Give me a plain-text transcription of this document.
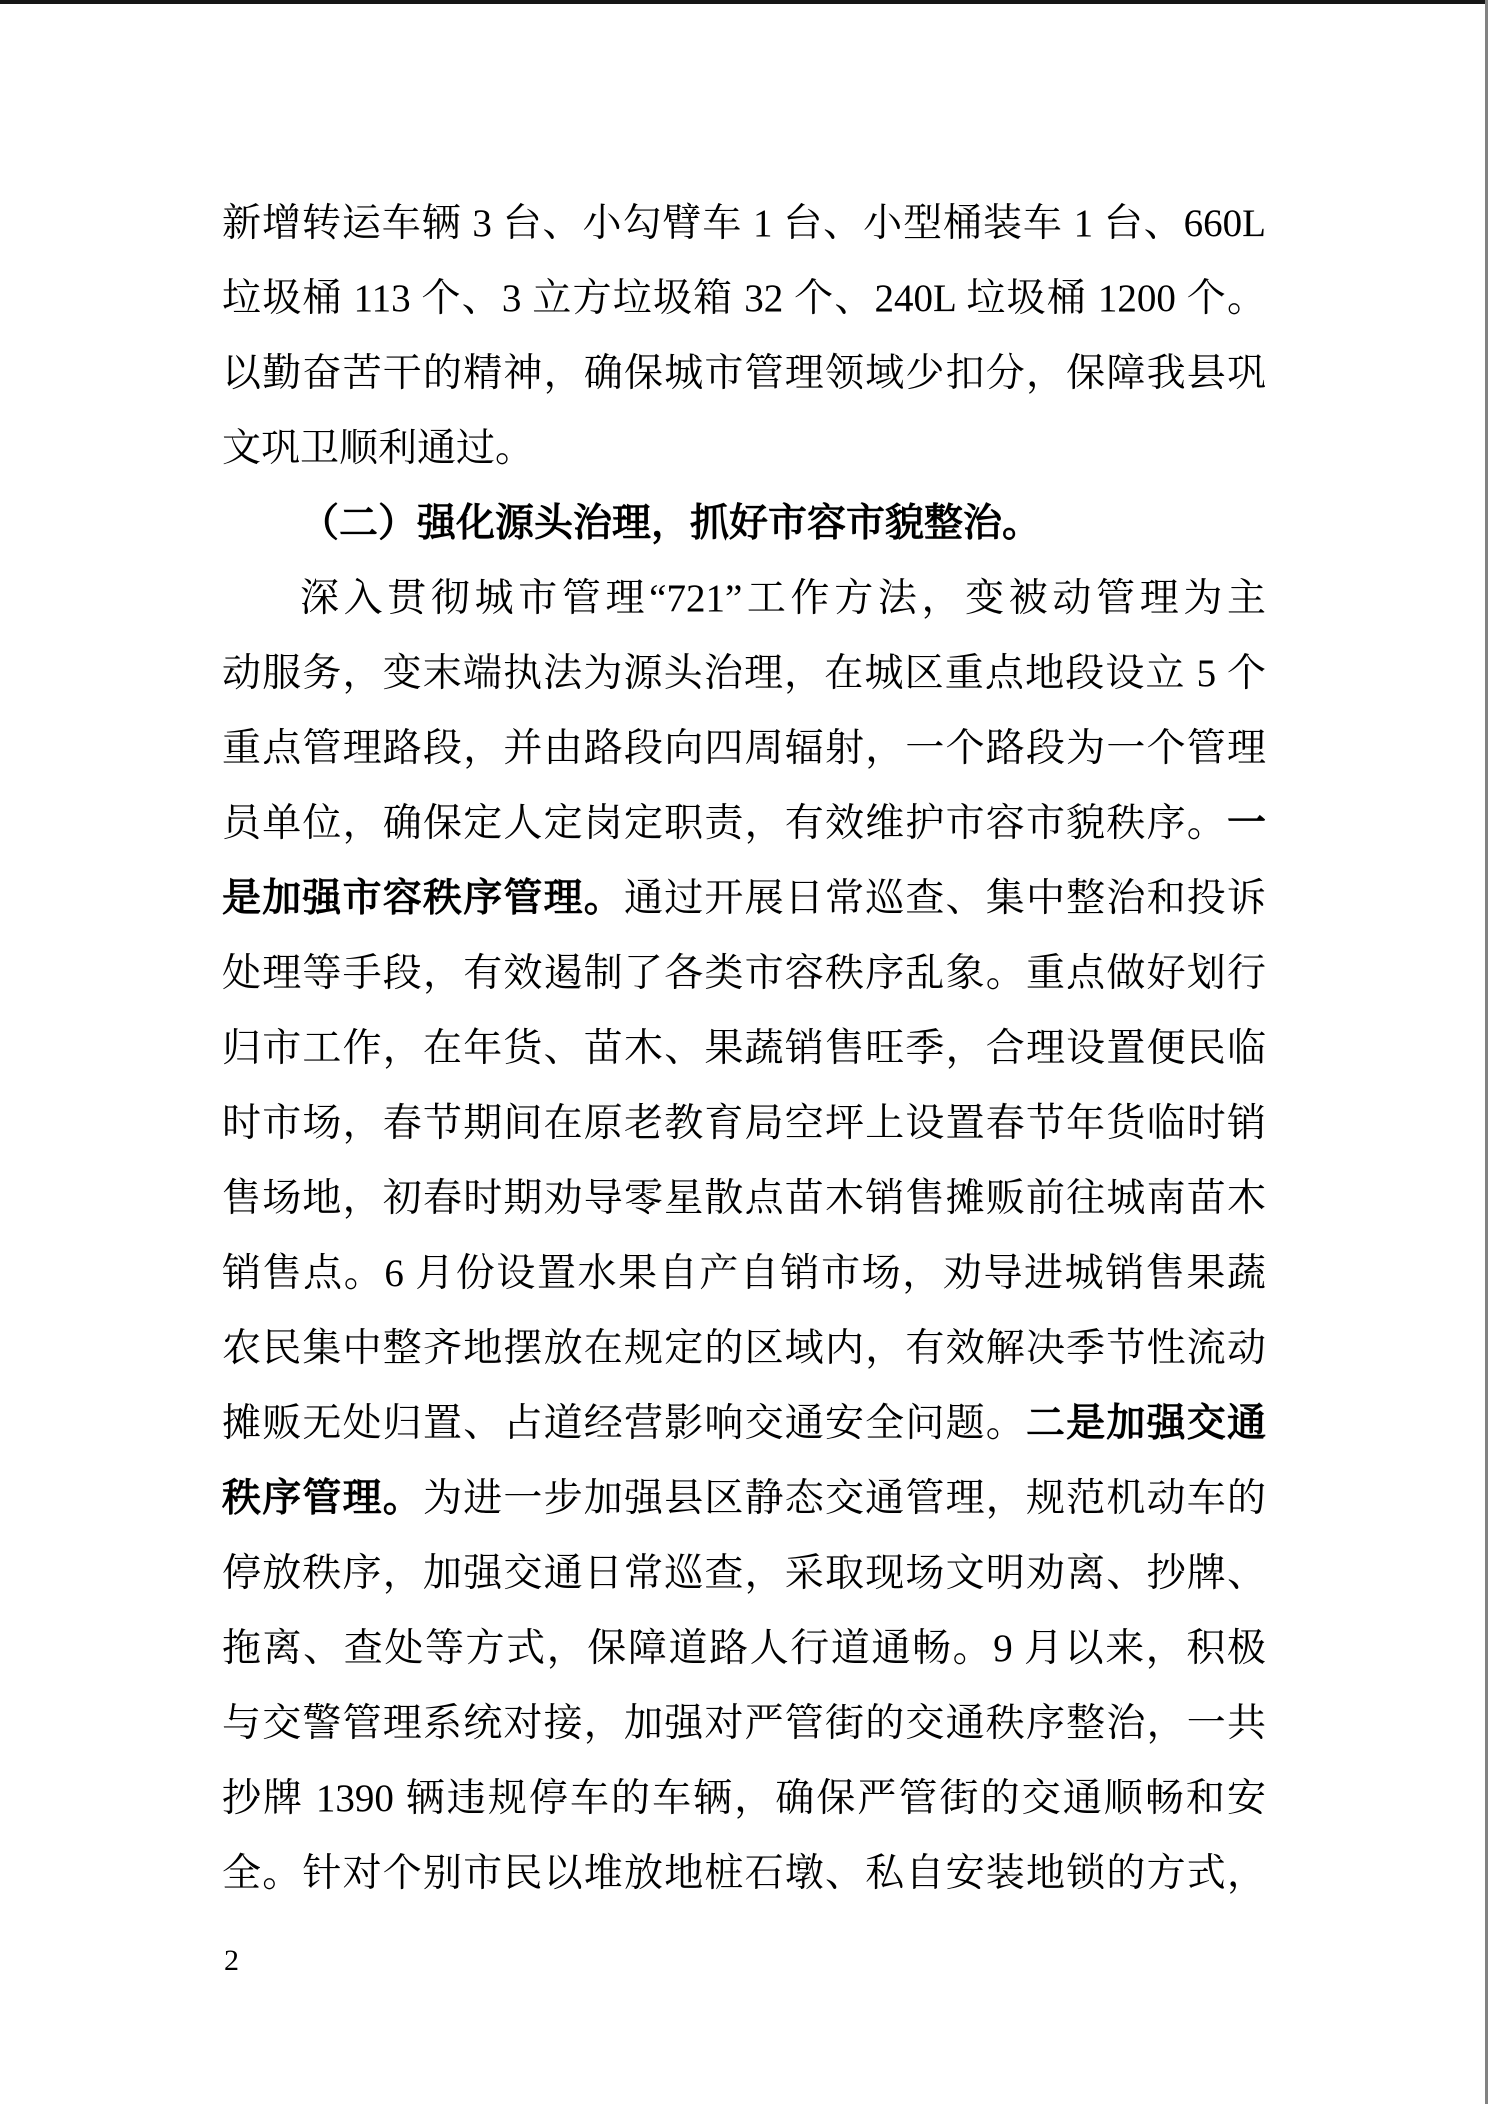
新增转运车辆 3 台、小勾臂车 1 台、小型桶装车 1 台、660L
垃圾桶 113 个、3 立方垃圾箱 32 个、240L 垃圾桶 1200 个。
以勤奋苦干的精神，确保城市管理领域少扣分，保障我县巩
文巩卫顺利通过。
（二）强化源头治理，抓好市容市貌整治。
深入贯彻城市管理“721”工作方法，变被动管理为主
动服务，变末端执法为源头治理，在城区重点地段设立 5 个
重点管理路段，并由路段向四周辐射，一个路段为一个管理
员单位，确保定人定岗定职责，有效维护市容市貌秩序。一
是加强市容秩序管理。通过开展日常巡查、集中整治和投诉
处理等手段，有效遏制了各类市容秩序乱象。重点做好划行
归市工作，在年货、苗木、果蔬销售旺季，合理设置便民临
时市场，春节期间在原老教育局空坪上设置春节年货临时销
售场地，初春时期劝导零星散点苗木销售摊贩前往城南苗木
销售点。6 月份设置水果自产自销市场，劝导进城销售果蔬
农民集中整齐地摆放在规定的区域内，有效解决季节性流动
摊贩无处归置、占道经营影响交通安全问题。二是加强交通
秩序管理。为进一步加强县区静态交通管理，规范机动车的
停放秩序，加强交通日常巡查，采取现场文明劝离、抄牌、
拖离、查处等方式，保障道路人行道通畅。9 月以来，积极
与交警管理系统对接，加强对严管街的交通秩序整治，一共
抄牌 1390 辆违规停车的车辆，确保严管街的交通顺畅和安
全。针对个别市民以堆放地桩石墩、私自安装地锁的方式，
2
